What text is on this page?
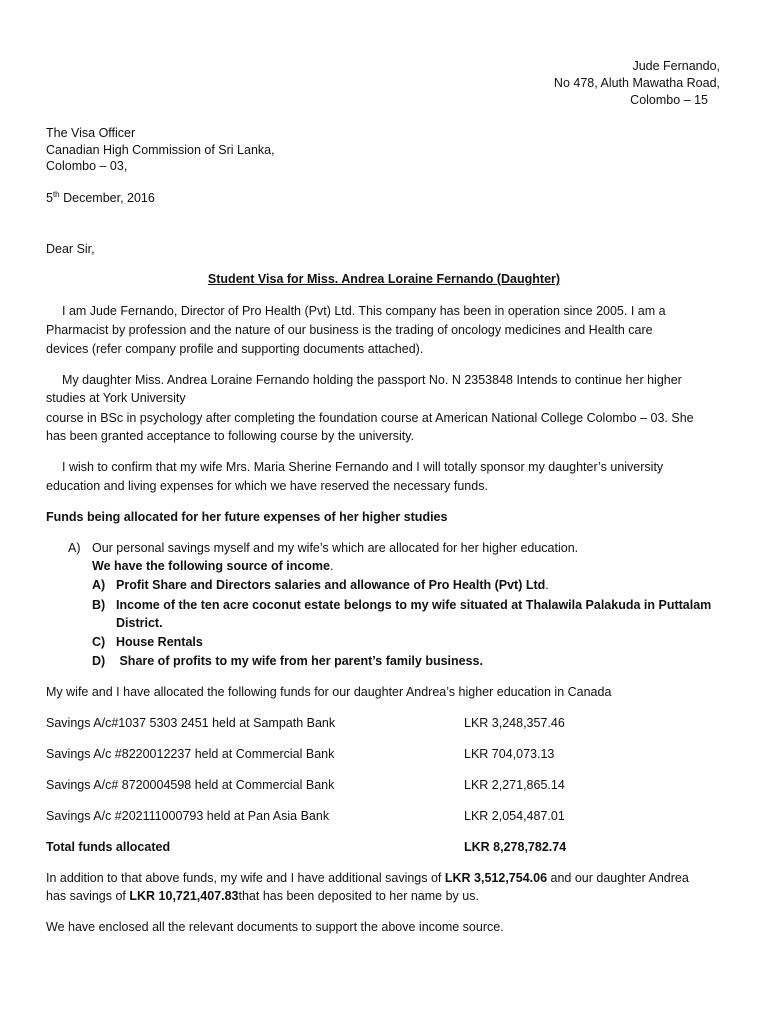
Jude Fernando,
No 478, Aluth Mawatha Road,
Colombo – 15
The Visa Officer
Canadian High Commission of Sri Lanka,
Colombo – 03,
5th December, 2016
Dear Sir,
Student Visa for Miss. Andrea Loraine Fernando (Daughter)
I am Jude Fernando, Director of Pro Health (Pvt) Ltd. This company has been in operation since 2005. I am a
Pharmacist by profession and the nature of our business is the trading of oncology medicines and Health care
devices (refer company profile and supporting documents attached).
My daughter Miss. Andrea Loraine Fernando holding the passport No. N 2353848 Intends to continue her higher
studies at York University
course in BSc in psychology after completing the foundation course at American National College Colombo – 03. She
has been granted acceptance to following course by the university.
I wish to confirm that my wife Mrs. Maria Sherine Fernando and I will totally sponsor my daughter’s university
education and living expenses for which we have reserved the necessary funds.
Funds being allocated for her future expenses of her higher studies
A) Our personal savings myself and my wife’s which are allocated for her higher education.
We have the following source of income.
A) Profit Share and Directors salaries and allowance of Pro Health (Pvt) Ltd.
B) Income of the ten acre coconut estate belongs to my wife situated at Thalawila Palakuda in Puttalam
District.
C) House Rentals
D) Share of profits to my wife from her parent’s family business.
My wife and I have allocated the following funds for our daughter Andrea’s higher education in Canada
Savings A/c#1037 5303 2451 held at Sampath Bank	LKR 3,248,357.46
Savings A/c #8220012237 held at Commercial Bank	LKR 704,073.13
Savings A/c# 8720004598 held at Commercial Bank	LKR 2,271,865.14
Savings A/c #202111000793 held at Pan Asia Bank	LKR 2,054,487.01
Total funds allocated	LKR 8,278,782.74
In addition to that above funds, my wife and I have additional savings of LKR 3,512,754.06 and our daughter Andrea
has savings of LKR 10,721,407.83that has been deposited to her name by us.
We have enclosed all the relevant documents to support the above income source.
